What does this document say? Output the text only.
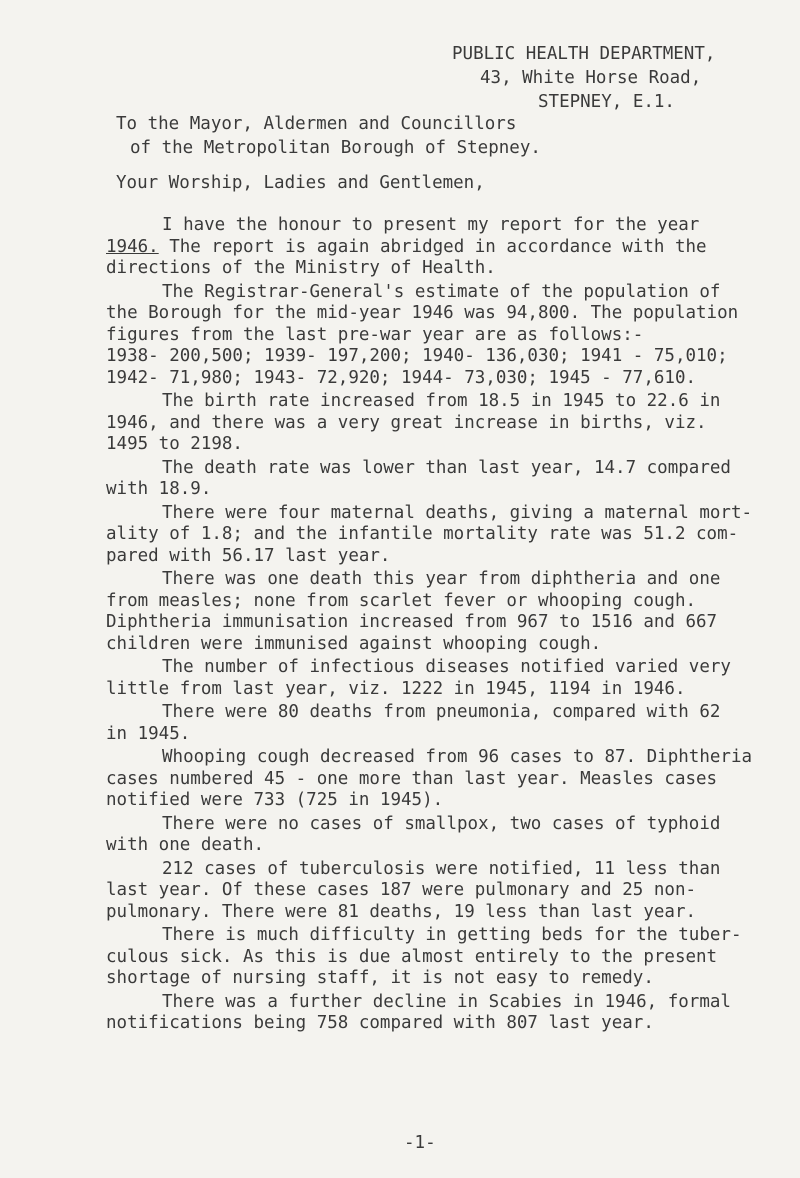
PUBLIC HEALTH DEPARTMENT,
43, White Horse Road,
STEPNEY, E.1.
To the Mayor, Aldermen and Councillors
of the Metropolitan Borough of Stepney.
Your Worship, Ladies and Gentlemen,
I have the honour to present my report for the year
1946. The report is again abridged in accordance with the
directions of the Ministry of Health.
The Registrar-General's estimate of the population of
the Borough for the mid-year 1946 was 94,800. The population
figures from the last pre-war year are as follows:-
1938- 200,500; 1939- 197,200; 1940- 136,030; 1941 - 75,010;
1942- 71,980; 1943- 72,920; 1944- 73,030; 1945 - 77,610.
The birth rate increased from 18.5 in 1945 to 22.6 in
1946, and there was a very great increase in births, viz.
1495 to 2198.
The death rate was lower than last year, 14.7 compared
with 18.9.
There were four maternal deaths, giving a maternal mort-
ality of 1.8; and the infantile mortality rate was 51.2 com-
pared with 56.17 last year.
There was one death this year from diphtheria and one
from measles; none from scarlet fever or whooping cough.
Diphtheria immunisation increased from 967 to 1516 and 667
children were immunised against whooping cough.
The number of infectious diseases notified varied very
little from last year, viz. 1222 in 1945, 1194 in 1946.
There were 80 deaths from pneumonia, compared with 62
in 1945.
Whooping cough decreased from 96 cases to 87. Diphtheria
cases numbered 45 - one more than last year. Measles cases
notified were 733 (725 in 1945).
There were no cases of smallpox, two cases of typhoid
with one death.
212 cases of tuberculosis were notified, 11 less than
last year. Of these cases 187 were pulmonary and 25 non-
pulmonary. There were 81 deaths, 19 less than last year.
There is much difficulty in getting beds for the tuber-
culous sick. As this is due almost entirely to the present
shortage of nursing staff, it is not easy to remedy.
There was a further decline in Scabies in 1946, formal
notifications being 758 compared with 807 last year.
-1-
